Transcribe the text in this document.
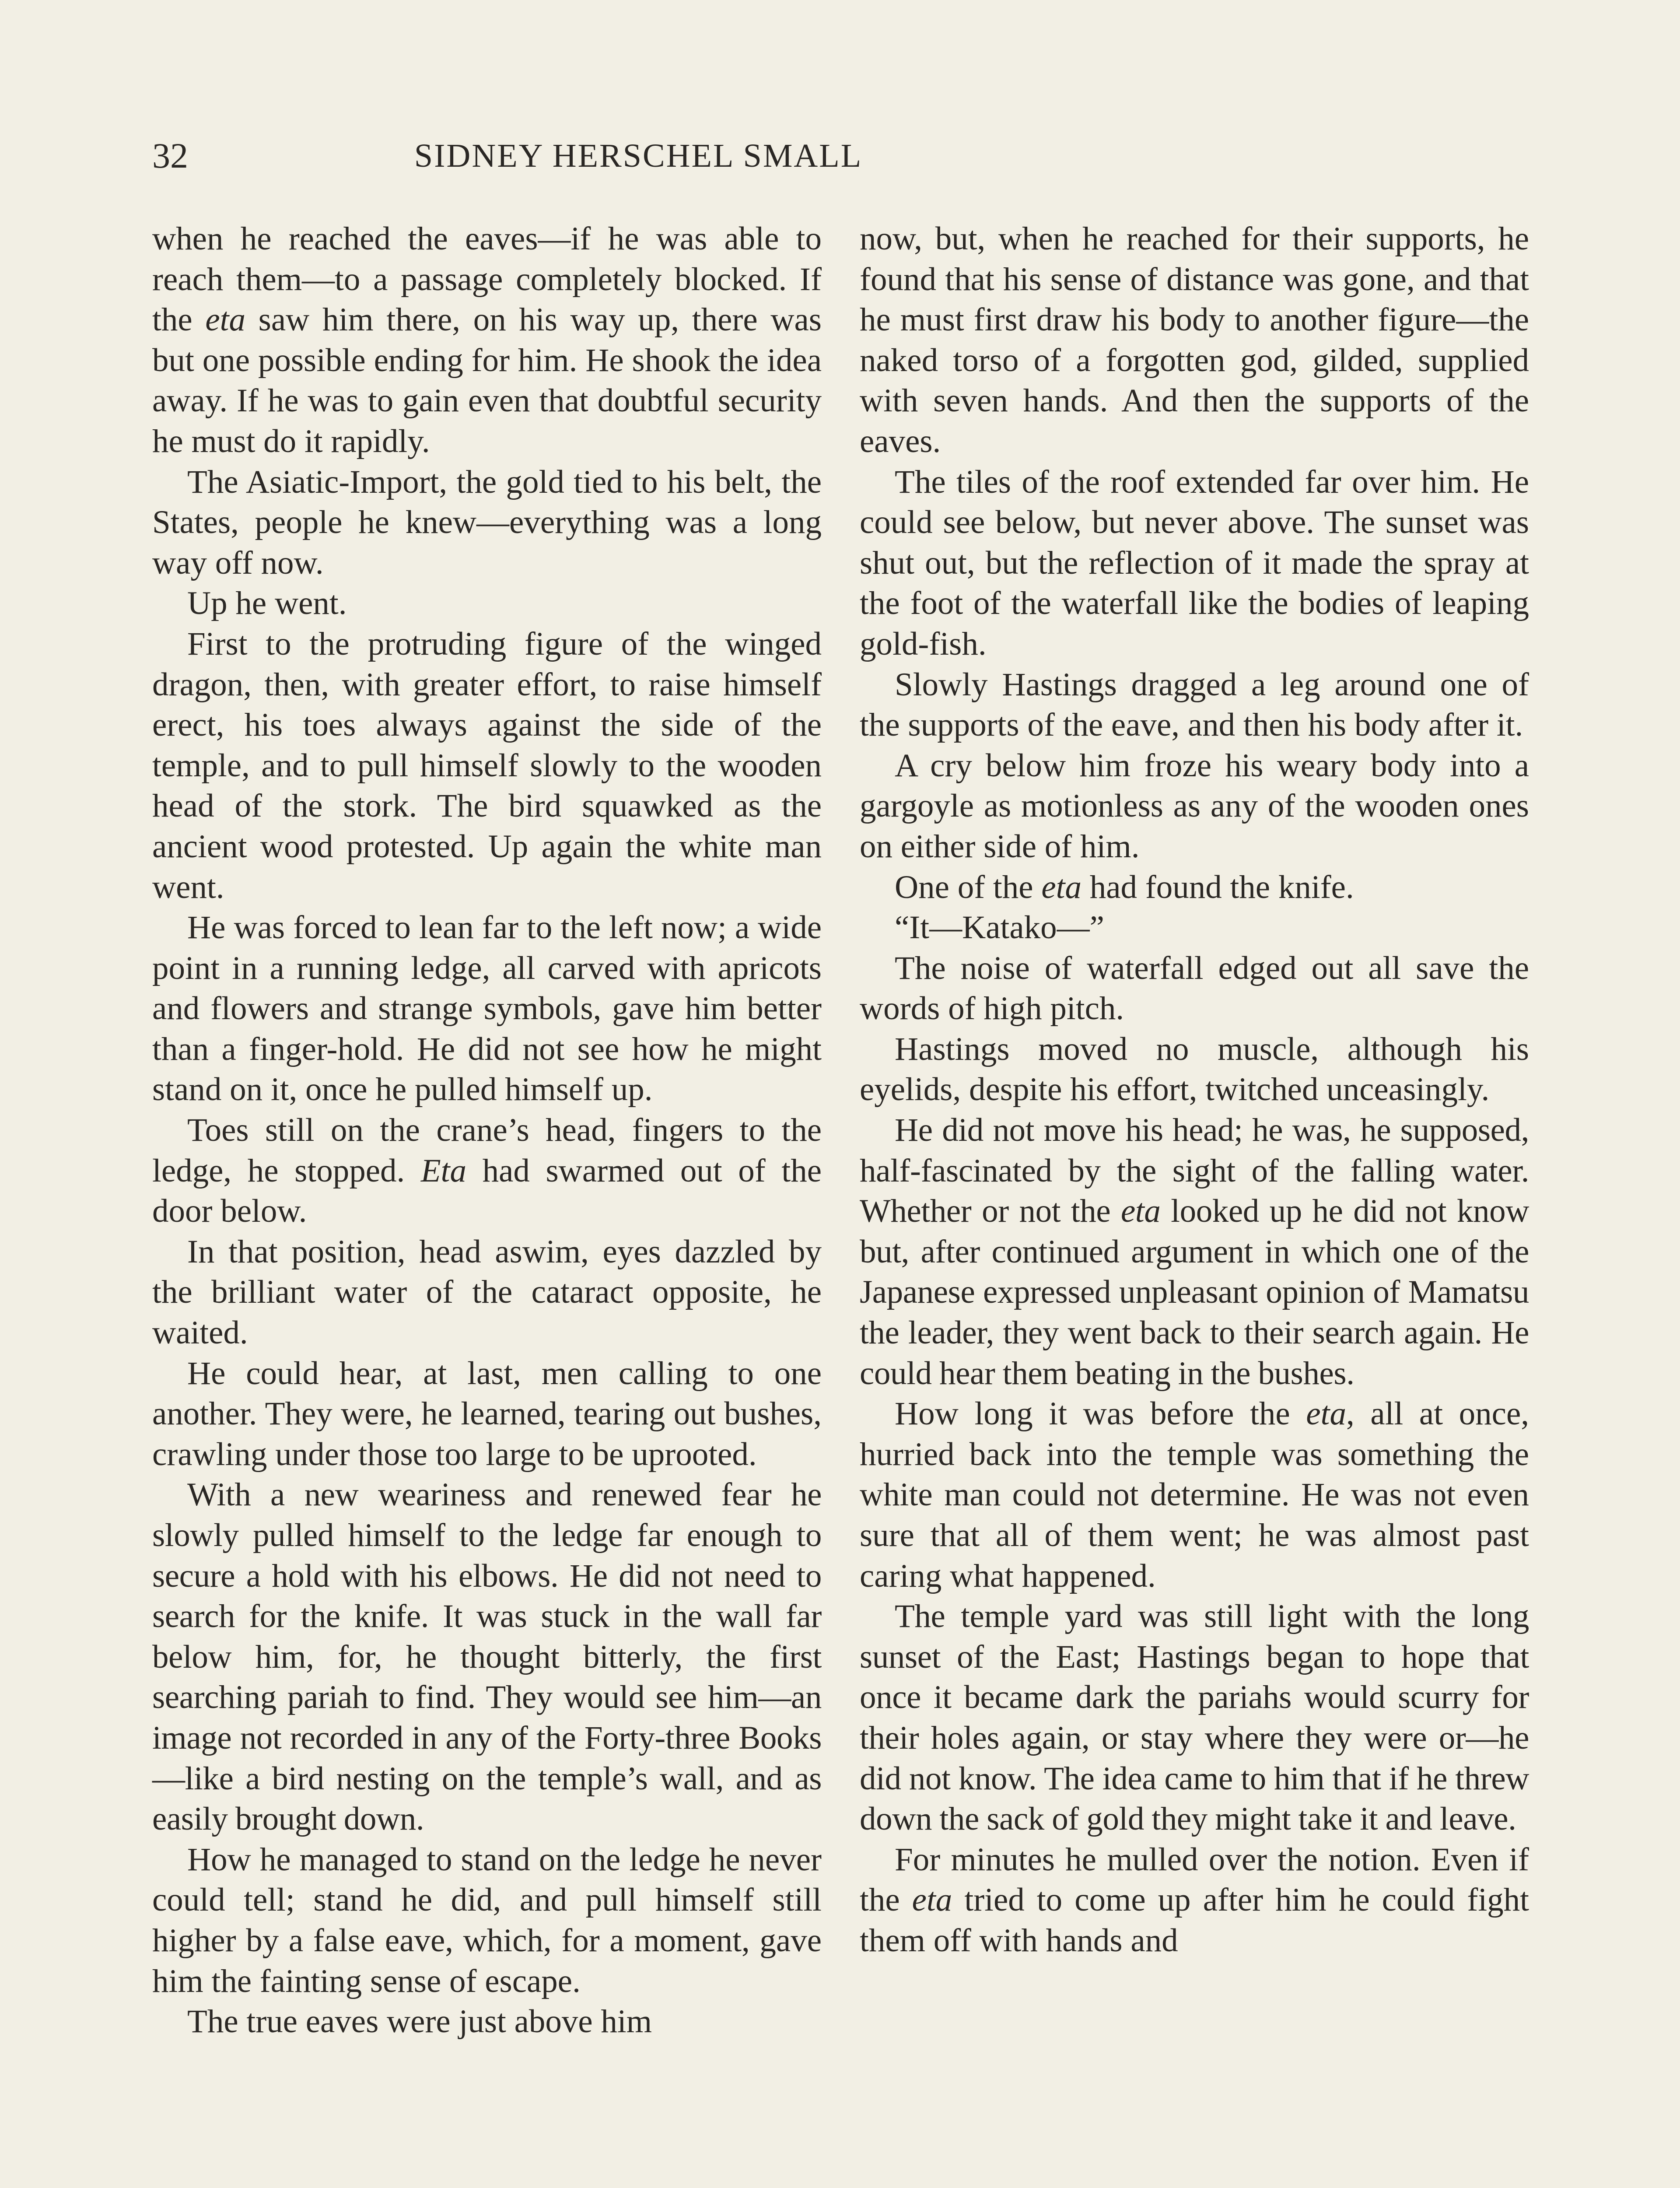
32	SIDNEY HERSCHEL SMALL

when he reached the eaves—if he was able to reach them—to a passage completely blocked. If the eta saw him there, on his way up, there was but one possible ending for him. He shook the idea away. If he was to gain even that doubtful security he must do it rapidly.

The Asiatic-Import, the gold tied to his belt, the States, people he knew—everything was a long way off now.

Up he went.

First to the protruding figure of the winged dragon, then, with greater effort, to raise himself erect, his toes always against the side of the temple, and to pull himself slowly to the wooden head of the stork. The bird squawked as the ancient wood protested. Up again the white man went.

He was forced to lean far to the left now; a wide point in a running ledge, all carved with apricots and flowers and strange symbols, gave him better than a finger-hold. He did not see how he might stand on it, once he pulled himself up.

Toes still on the crane’s head, fingers to the ledge, he stopped. Eta had swarmed out of the door below.

In that position, head aswim, eyes dazzled by the brilliant water of the cataract opposite, he waited.

He could hear, at last, men calling to one another. They were, he learned, tearing out bushes, crawling under those too large to be uprooted.

With a new weariness and renewed fear he slowly pulled himself to the ledge far enough to secure a hold with his elbows. He did not need to search for the knife. It was stuck in the wall far below him, for, he thought bitterly, the first searching pariah to find. They would see him—an image not recorded in any of the Forty-three Books—like a bird nesting on the temple’s wall, and as easily brought down.

How he managed to stand on the ledge he never could tell; stand he did, and pull himself still higher by a false eave, which, for a moment, gave him the fainting sense of escape.

The true eaves were just above him

now, but, when he reached for their supports, he found that his sense of distance was gone, and that he must first draw his body to another figure—the naked torso of a forgotten god, gilded, supplied with seven hands. And then the supports of the eaves.

The tiles of the roof extended far over him. He could see below, but never above. The sunset was shut out, but the reflection of it made the spray at the foot of the waterfall like the bodies of leaping gold-fish.

Slowly Hastings dragged a leg around one of the supports of the eave, and then his body after it.

A cry below him froze his weary body into a gargoyle as motionless as any of the wooden ones on either side of him.

One of the eta had found the knife.

“It—Katako—”

The noise of waterfall edged out all save the words of high pitch.

Hastings moved no muscle, although his eyelids, despite his effort, twitched unceasingly.

He did not move his head; he was, he supposed, half-fascinated by the sight of the falling water. Whether or not the eta looked up he did not know but, after continued argument in which one of the Japanese expressed unpleasant opinion of Mamatsu the leader, they went back to their search again. He could hear them beating in the bushes.

How long it was before the eta, all at once, hurried back into the temple was something the white man could not determine. He was not even sure that all of them went; he was almost past caring what happened.

The temple yard was still light with the long sunset of the East; Hastings began to hope that once it became dark the pariahs would scurry for their holes again, or stay where they were or—he did not know. The idea came to him that if he threw down the sack of gold they might take it and leave.

For minutes he mulled over the notion. Even if the eta tried to come up after him he could fight them off with hands and
